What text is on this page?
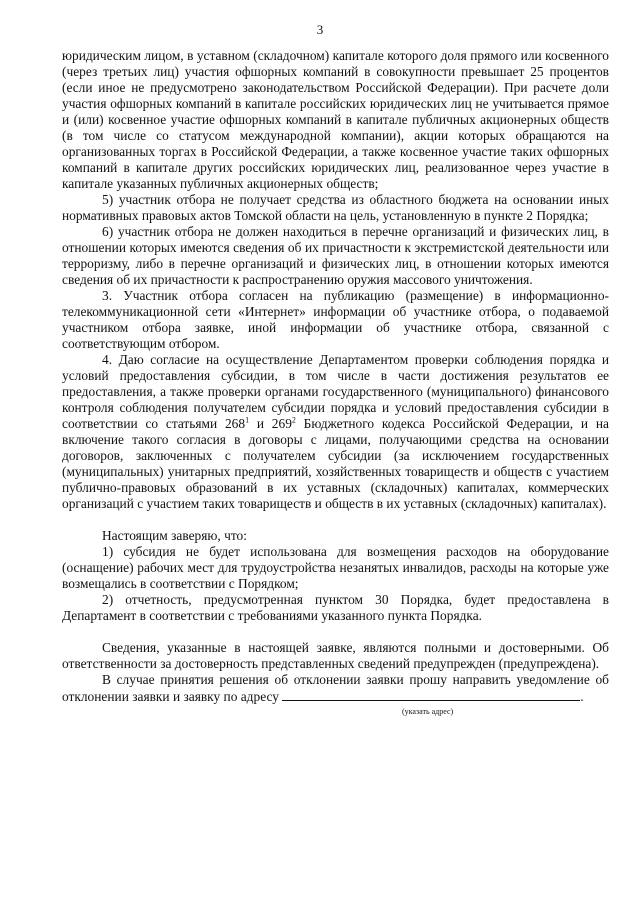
3

юридическим лицом, в уставном (складочном) капитале которого доля прямого или косвенного (через третьих лиц) участия офшорных компаний в совокупности превышает 25 процентов (если иное не предусмотрено законодательством Российской Федерации). При расчете доли участия офшорных компаний в капитале российских юридических лиц не учитывается прямое и (или) косвенное участие офшорных компаний в капитале публичных акционерных обществ (в том числе со статусом международной компании), акции которых обращаются на организованных торгах в Российской Федерации, а также косвенное участие таких офшорных компаний в капитале других российских юридических лиц, реализованное через участие в капитале указанных публичных акционерных обществ;

5) участник отбора не получает средства из областного бюджета на основании иных нормативных правовых актов Томской области на цель, установленную в пункте 2 Порядка;

6) участник отбора не должен находиться в перечне организаций и физических лиц, в отношении которых имеются сведения об их причастности к экстремистской деятельности или терроризму, либо в перечне организаций и физических лиц, в отношении которых имеются сведения об их причастности к распространению оружия массового уничтожения.

3. Участник отбора согласен на публикацию (размещение) в информационно-телекоммуникационной сети «Интернет» информации об участнике отбора, о подаваемой участником отбора заявке, иной информации об участнике отбора, связанной с соответствующим отбором.

4. Даю согласие на осуществление Департаментом проверки соблюдения порядка и условий предоставления субсидии, в том числе в части достижения результатов ее предоставления, а также проверки органами государственного (муниципального) финансового контроля соблюдения получателем субсидии порядка и условий предоставления субсидии в соответствии со статьями $268^1$ и $269^2$ Бюджетного кодекса Российской Федерации, и на включение такого согласия в договоры с лицами, получающими средства на основании договоров, заключенных с получателем субсидии (за исключением государственных (муниципальных) унитарных предприятий, хозяйственных товариществ и обществ с участием публично-правовых образований в их уставных (складочных) капиталах, коммерческих организаций с участием таких товариществ и обществ в их уставных (складочных) капиталах).

Настоящим заверяю, что:

1) субсидия не будет использована для возмещения расходов на оборудование (оснащение) рабочих мест для трудоустройства незанятых инвалидов, расходы на которые уже возмещались в соответствии с Порядком;

2) отчетность, предусмотренная пунктом 30 Порядка, будет предоставлена в Департамент в соответствии с требованиями указанного пункта Порядка.

Сведения, указанные в настоящей заявке, являются полными и достоверными. Об ответственности за достоверность представленных сведений предупрежден (предупреждена).

В случае принятия решения об отклонении заявки прошу направить уведомление об отклонении заявки и заявку по адресу	.

(указать адрес)
